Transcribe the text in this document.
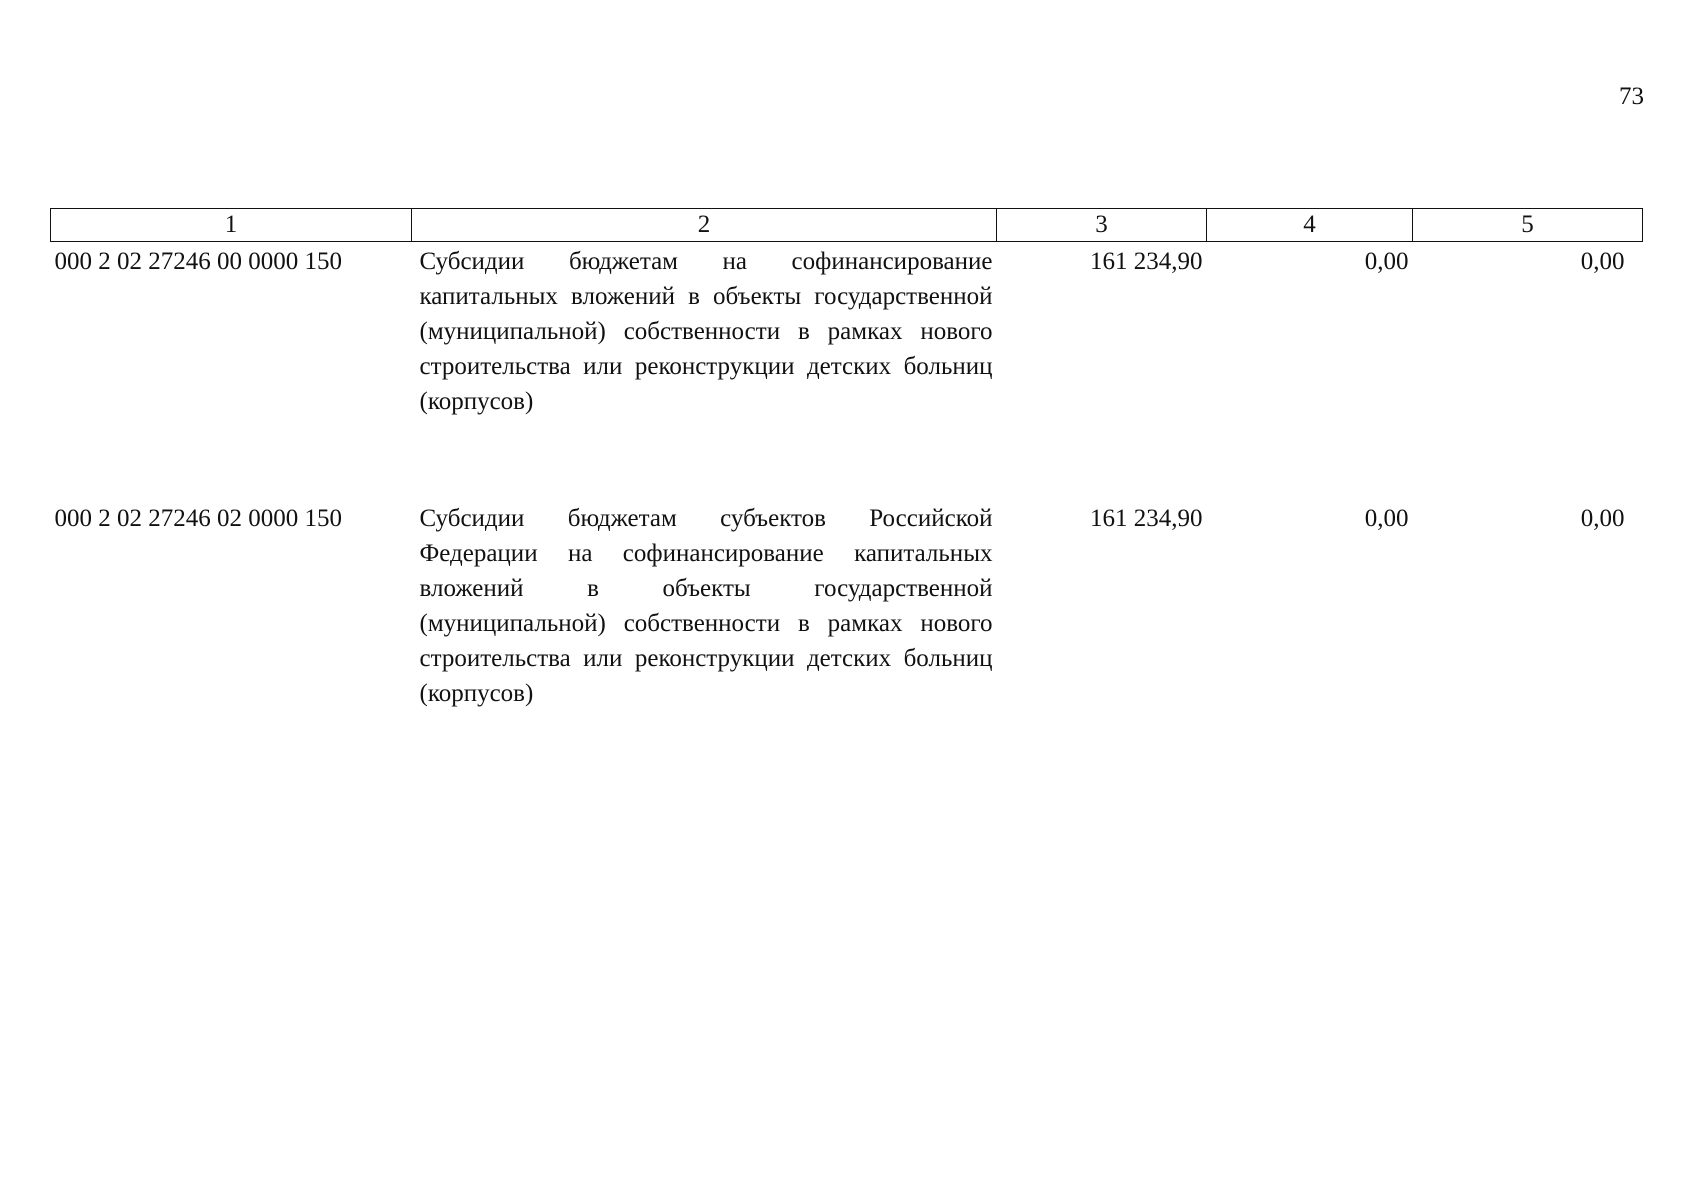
73
1	2	3	4	5
000 2 02 27246 00 0000 150	Субсидии бюджетам на софинансирование капитальных вложений в объекты государственной (муниципальной) собственности в рамках нового строительства или реконструкции детских больниц (корпусов)	161 234,90	0,00	0,00
000 2 02 27246 02 0000 150	Субсидии бюджетам субъектов Российской Федерации на софинансирование капитальных вложений в объекты государственной (муниципальной) собственности в рамках нового строительства или реконструкции детских больниц (корпусов)	161 234,90	0,00	0,00
